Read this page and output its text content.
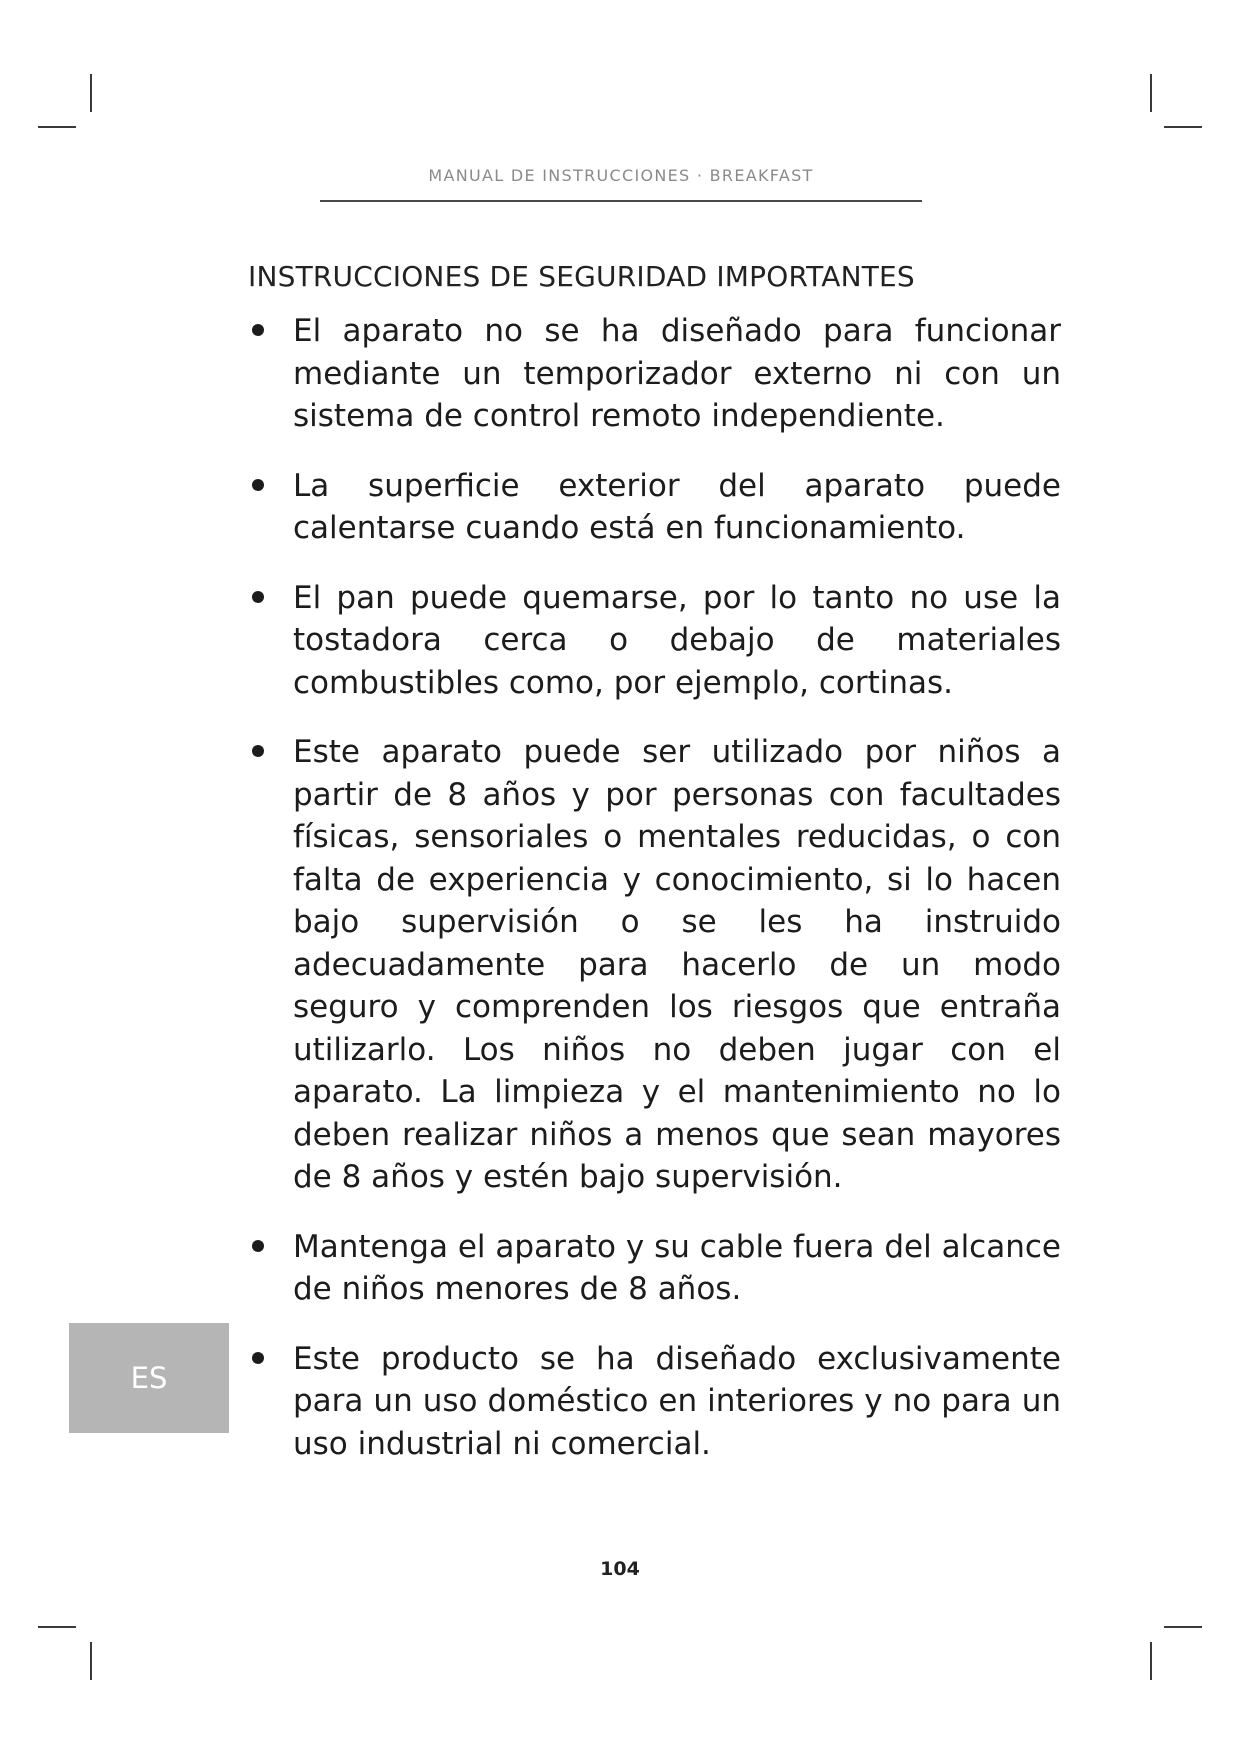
MANUAL DE INSTRUCCIONES · BREAKFAST
INSTRUCCIONES DE SEGURIDAD IMPORTANTES
El aparato no se ha diseñado para funcionar mediante un temporizador externo ni con un sistema de control remoto independiente.
La superficie exterior del aparato puede calentarse cuando está en funcionamiento.
El pan puede quemarse, por lo tanto no use la tostadora cerca o debajo de materiales combustibles como, por ejemplo, cortinas.
Este aparato puede ser utilizado por niños a partir de 8 años y por personas con facultades físicas, sensoriales o mentales reducidas, o con falta de experiencia y conocimiento, si lo hacen bajo supervisión o se les ha instruido adecuadamente para hacerlo de un modo seguro y comprenden los riesgos que entraña utilizarlo. Los niños no deben jugar con el aparato. La limpieza y el mantenimiento no lo deben realizar niños a menos que sean mayores de 8 años y estén bajo supervisión.
Mantenga el aparato y su cable fuera del alcance de niños menores de 8 años.
Este producto se ha diseñado exclusivamente para un uso doméstico en interiores y no para un uso industrial ni comercial.
ES
104
